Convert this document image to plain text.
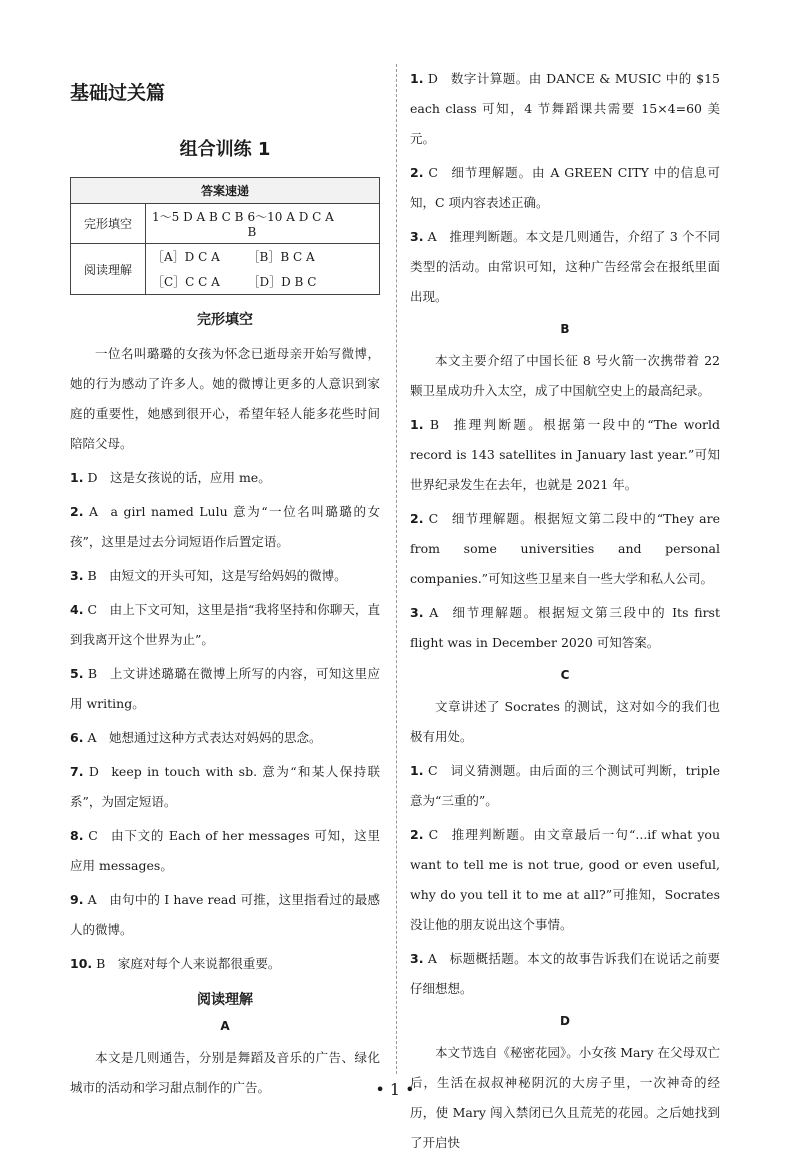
基础过关篇
组合训练 1
答案速递	
完形填空	1～5 D A B C B 6～10 A D C A B

阅读理解	［A］D C A ［B］B C A
［C］C C A ［D］D B C
完形填空

一位名叫璐璐的女孩为怀念已逝母亲开始写微博，她的行为感动了许多人。她的微博让更多的人意识到家庭的重要性，她感到很开心，希望年轻人能多花些时间陪陪父母。

1. D  这是女孩说的话，应用 me。

2. A  a girl named Lulu 意为“一位名叫璐璐的女孩”，这里是过去分词短语作后置定语。

3. B  由短文的开头可知，这是写给妈妈的微博。

4. C  由上下文可知，这里是指“我将坚持和你聊天，直到我离开这个世界为止”。

5. B  上文讲述璐璐在微博上所写的内容，可知这里应用 writing。

6. A  她想通过这种方式表达对妈妈的思念。

7. D  keep in touch with sb. 意为“和某人保持联系”，为固定短语。

8. C  由下文的 Each of her messages 可知，这里应用 messages。

9. A  由句中的 I have read 可推，这里指看过的最感人的微博。

10. B  家庭对每个人来说都很重要。

阅读理解
A

本文是几则通告，分别是舞蹈及音乐的广告、绿化城市的活动和学习甜点制作的广告。

1. D  数字计算题。由 DANCE & MUSIC 中的 $15 each class 可知，4 节舞蹈课共需要 15×4=60 美元。

2. C  细节理解题。由 A GREEN CITY 中的信息可知，C 项内容表述正确。

3. A  推理判断题。本文是几则通告，介绍了 3 个不同类型的活动。由常识可知，这种广告经常会在报纸里面出现。

B

本文主要介绍了中国长征 8 号火箭一次携带着 22 颗卫星成功升入太空，成了中国航空史上的最高纪录。

1. B  推理判断题。根据第一段中的“The world record is 143 satellites in January last year.”可知世界纪录发生在去年，也就是 2021 年。

2. C  细节理解题。根据短文第二段中的“They are from some universities and personal companies.”可知这些卫星来自一些大学和私人公司。

3. A  细节理解题。根据短文第三段中的 Its first flight was in December 2020 可知答案。

C

文章讲述了 Socrates 的测试，这对如今的我们也极有用处。

1. C  词义猜测题。由后面的三个测试可判断，triple 意为“三重的”。

2. C  推理判断题。由文章最后一句“...if what you want to tell me is not true, good or even useful, why do you tell it to me at all?”可推知，Socrates 没让他的朋友说出这个事情。

3. A  标题概括题。本文的故事告诉我们在说话之前要仔细想想。

D

本文节选自《秘密花园》。小女孩 Mary 在父母双亡后，生活在叔叔神秘阴沉的大房子里，一次神奇的经历，使 Mary 闯入禁闭已久且荒芜的花园。之后她找到了开启快

• 1 •
